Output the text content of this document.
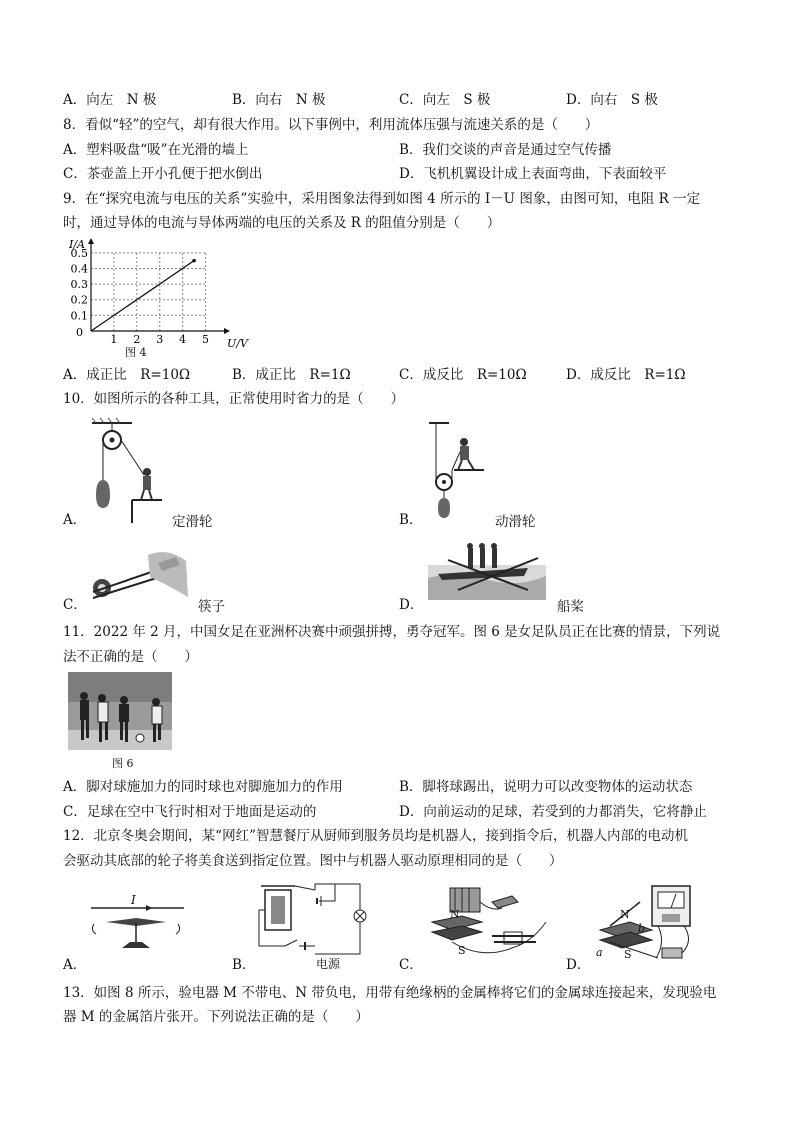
A．向左　N 极	B．向右　N 极	C．向左　S 极	D．向右　S 极
8．看似“轻”的空气，却有很大作用。以下事例中，利用流体压强与流速关系的是（　　）
A．塑料吸盘“吸”在光滑的墙上	B．我们交谈的声音是通过空气传播
C．茶壶盖上开小孔便于把水倒出	D．飞机机翼设计成上表面弯曲，下表面较平
9．在“探究电流与电压的关系”实验中，采用图象法得到如图 4 所示的 I－U 图象，由图可知，电阻 R 一定
时，通过导体的电流与导体两端的电压的关系及 R 的阻值分别是（　　）
1 2 3 4 5
0.1
0.2
0.3
0.4
0.5
0
U/V
I/A
图 4
A．成正比　R=10Ω	B．成正比　R=1Ω	C．成反比　R=10Ω	D．成反比　R=1Ω
10．如图所示的各种工具，正常使用时省力的是（　　）
A．	定滑轮	B．	动滑轮
C．	筷子	D．	船桨
11．2022 年 2 月，中国女足在亚洲杯决赛中顽强拼搏，勇夺冠军。图 6 是女足队员正在比赛的情景，下列说
法不正确的是（　　）
图 6
A．脚对球施加力的同时球也对脚施加力的作用	B．脚将球踢出，说明力可以改变物体的运动状态
C．足球在空中飞行时相对于地面是运动的	D．向前运动的足球，若受到的力都消失，它将静止
12．北京冬奥会期间，某“网红”智慧餐厅从厨师到服务员均是机器人，接到指令后，机器人内部的电动机
会驱动其底部的轮子将美食送到指定位置。图中与机器人驱动原理相同的是（　　）
I
A．	B．	电源
N
S
C．
N
b
a S
D．
13．如图 8 所示，验电器 M 不带电、N 带负电，用带有绝缘柄的金属棒将它们的金属球连接起来，发现验电
器 M 的金属箔片张开。下列说法正确的是（　　）
